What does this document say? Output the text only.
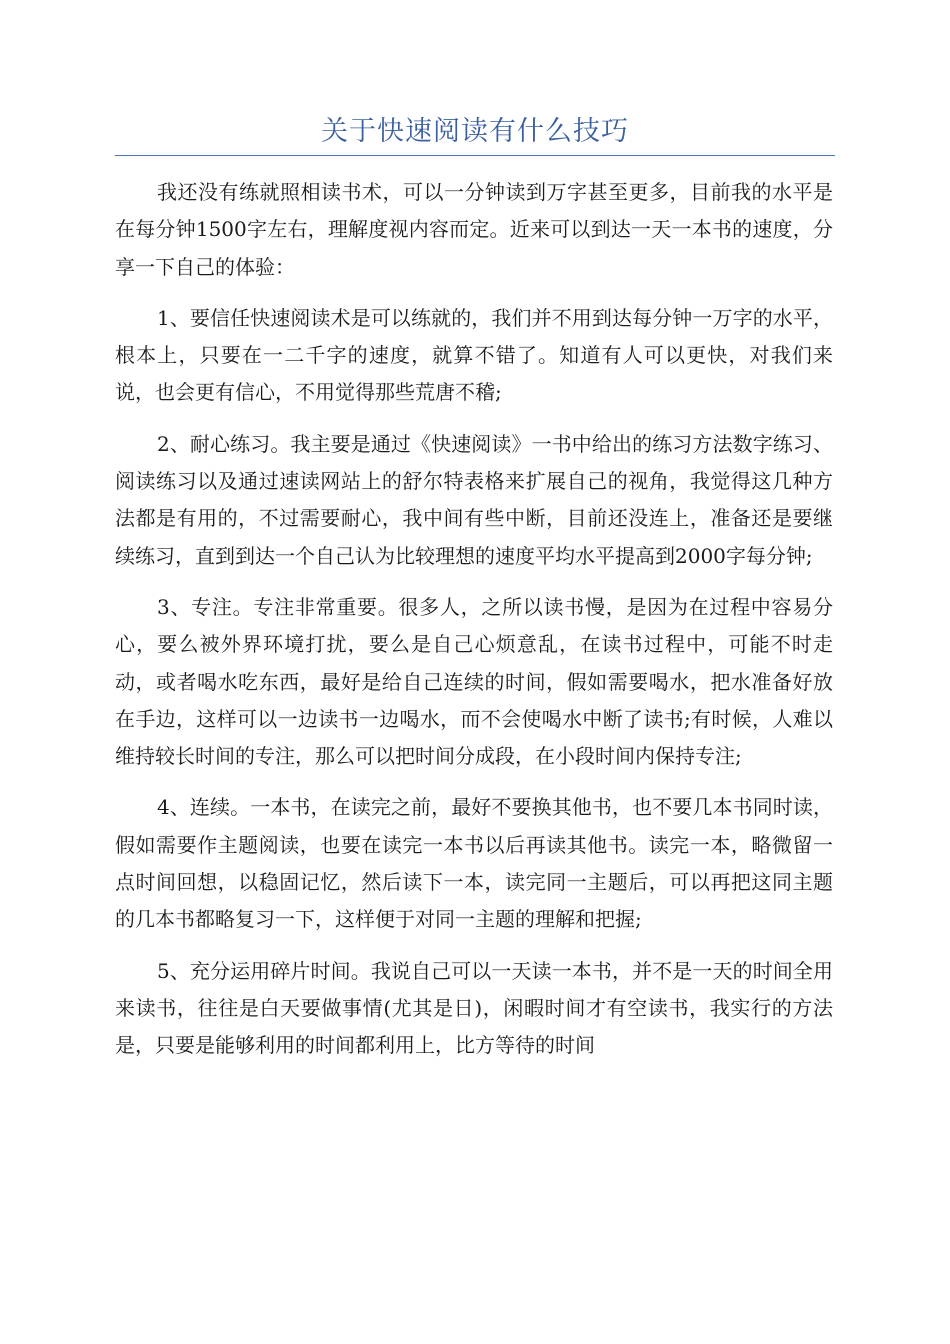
关于快速阅读有什么技巧

我还没有练就照相读书术，可以一分钟读到万字甚至更多，目前我的水平是在每分钟1500字左右，理解度视内容而定。近来可以到达一天一本书的速度，分享一下自己的体验：

1、要信任快速阅读术是可以练就的，我们并不用到达每分钟一万字的水平，根本上，只要在一二千字的速度，就算不错了。知道有人可以更快，对我们来说，也会更有信心，不用觉得那些荒唐不稽;

2、耐心练习。我主要是通过《快速阅读》一书中给出的练习方法数字练习、阅读练习以及通过速读网站上的舒尔特表格来扩展自己的视角，我觉得这几种方法都是有用的，不过需要耐心，我中间有些中断，目前还没连上，准备还是要继续练习，直到到达一个自己认为比较理想的速度平均水平提高到2000字每分钟;

3、专注。专注非常重要。很多人，之所以读书慢，是因为在过程中容易分心，要么被外界环境打扰，要么是自己心烦意乱，在读书过程中，可能不时走动，或者喝水吃东西，最好是给自己连续的时间，假如需要喝水，把水准备好放在手边，这样可以一边读书一边喝水，而不会使喝水中断了读书;有时候，人难以维持较长时间的专注，那么可以把时间分成段，在小段时间内保持专注;

4、连续。一本书，在读完之前，最好不要换其他书，也不要几本书同时读，假如需要作主题阅读，也要在读完一本书以后再读其他书。读完一本，略微留一点时间回想，以稳固记忆，然后读下一本，读完同一主题后，可以再把这同主题的几本书都略复习一下，这样便于对同一主题的理解和把握;

5、充分运用碎片时间。我说自己可以一天读一本书，并不是一天的时间全用来读书，往往是白天要做事情(尤其是日)，闲暇时间才有空读书，我实行的方法是，只要是能够利用的时间都利用上，比方等待的时间
